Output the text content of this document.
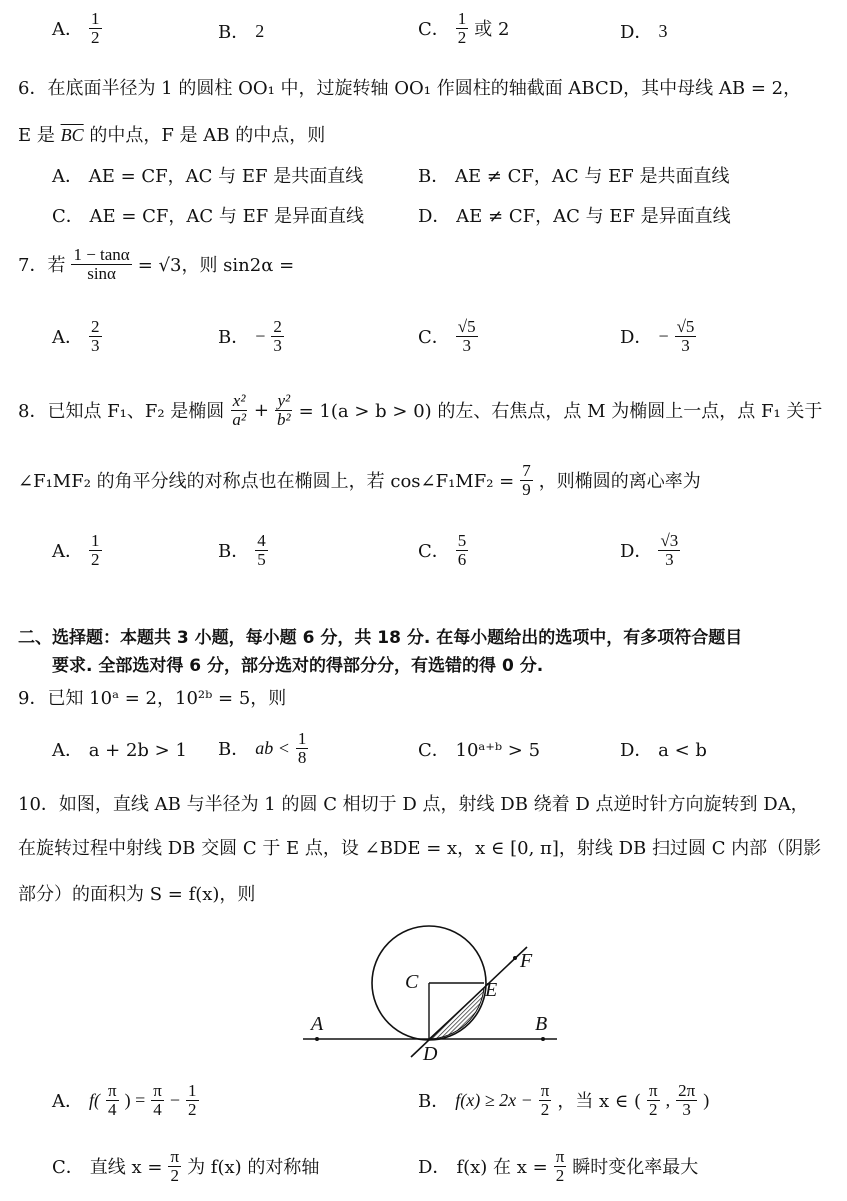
A． $\frac{1}{2}$	B． 2	C． $\frac{1}{2}$ 或 2	D． 3
6．在底面半径为 1 的圆柱 OO₁ 中，过旋转轴 OO₁ 作圆柱的轴截面 ABCD，其中母线 AB = 2，
E 是 $\overline{BC}$ 的中点，F 是 AB 的中点，则
A． AE = CF，AC 与 EF 是共面直线	B． AE ≠ CF，AC 与 EF 是共面直线
C． AE = CF，AC 与 EF 是异面直线	D． AE ≠ CF，AC 与 EF 是异面直线
7．若 $\frac{1 - \tan\alpha}{\sin\alpha} = √3$，则 sin2α =
A． $\frac{2}{3}$	B． − $\frac{2}{3}$	C． $\frac{√5}{3}$	D． − $\frac{√5}{3}$
8．已知点 F₁、F₂ 是椭圆 $\frac{\text{x²}}{\text{a²}} + \frac{\text{y²}}{\text{b²}} = 1(a > b > 0)$ 的左、右焦点，点 M 为椭圆上一点，点 F₁ 关于
∠F₁MF₂ 的角平分线的对称点也在椭圆上，若 cos∠F₁MF₂ = $\frac{7}{9}$ ，则椭圆的离心率为
A． $\frac{1}{2}$	B． $\frac{4}{5}$	C． $\frac{5}{6}$	D． $\frac{√3}{3}$
二、选择题：本题共 3 小题，每小题 6 分，共 18 分. 在每小题给出的选项中，有多项符合题目
要求. 全部选对得 6 分，部分选对的得部分分，有选错的得 0 分.
9．已知 10ᵃ = 2，10²ᵇ = 5，则
A． a + 2b > 1 B． ab < $\frac{1}{8}$	C． 10ᵃ⁺ᵇ > 5	D． a < b
10．如图，直线 AB 与半径为 1 的圆 C 相切于 D 点，射线 DB 绕着 D 点逆时针方向旋转到 DA，
在旋转过程中射线 DB 交圆 C 于 E 点，设 ∠BDE = x，x ∈ [0, π]，射线 DB 扫过圆 C 内部（阴影
部分）的面积为 S = f(x)，则
C	E
F
A	B
D
A． $f( \frac{\pi}{4}$ ) = $\frac{\pi}{4} - \frac{1}{2}$	B． $f(x) \ge 2x - \frac{\pi}{2}$ ，当 x ∈ ( $\frac{\pi}{2}$ , $\frac{2\pi}{3}$ )
C． 直线 $x = \frac{\pi}{2}$ 为 f(x) 的对称轴	D． f(x) 在 $x = \frac{\pi}{2}$ 瞬时变化率最大
